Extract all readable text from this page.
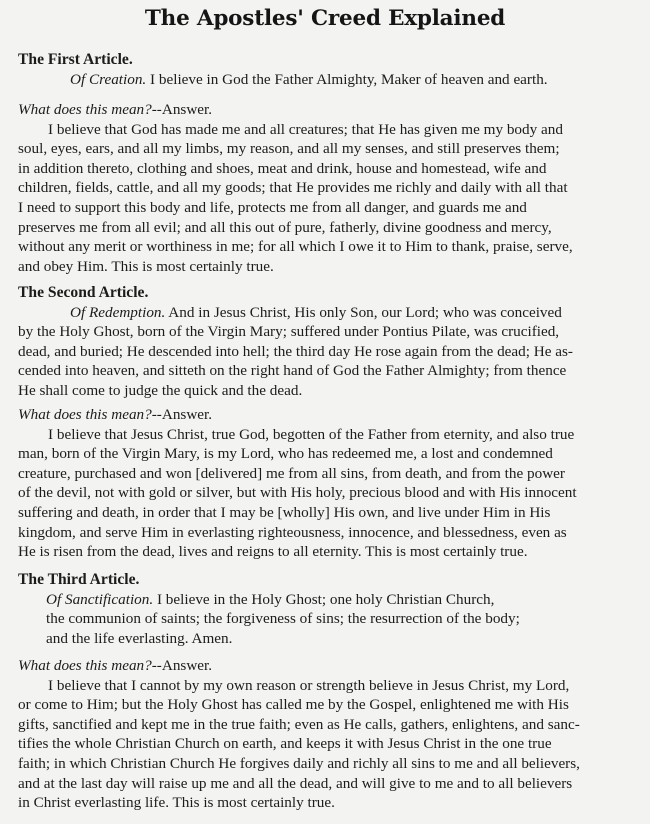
The Apostles' Creed Explained
The First Article.
Of Creation. I believe in God the Father Almighty, Maker of heaven and earth.
What does this mean?--Answer.
I believe that God has made me and all creatures; that He has given me my body and
soul, eyes, ears, and all my limbs, my reason, and all my senses, and still preserves them;
in addition thereto, clothing and shoes, meat and drink, house and homestead, wife and
children, fields, cattle, and all my goods; that He provides me richly and daily with all that
I need to support this body and life, protects me from all danger, and guards me and
preserves me from all evil; and all this out of pure, fatherly, divine goodness and mercy,
without any merit or worthiness in me; for all which I owe it to Him to thank, praise, serve,
and obey Him. This is most certainly true.
The Second Article.
Of Redemption. And in Jesus Christ, His only Son, our Lord; who was conceived
by the Holy Ghost, born of the Virgin Mary; suffered under Pontius Pilate, was crucified,
dead, and buried; He descended into hell; the third day He rose again from the dead; He as-
cended into heaven, and sitteth on the right hand of God the Father Almighty; from thence
He shall come to judge the quick and the dead.
What does this mean?--Answer.
I believe that Jesus Christ, true God, begotten of the Father from eternity, and also true
man, born of the Virgin Mary, is my Lord, who has redeemed me, a lost and condemned
creature, purchased and won [delivered] me from all sins, from death, and from the power
of the devil, not with gold or silver, but with His holy, precious blood and with His innocent
suffering and death, in order that I may be [wholly] His own, and live under Him in His
kingdom, and serve Him in everlasting righteousness, innocence, and blessedness, even as
He is risen from the dead, lives and reigns to all eternity. This is most certainly true.
The Third Article.
Of Sanctification. I believe in the Holy Ghost; one holy Christian Church,
the communion of saints; the forgiveness of sins; the resurrection of the body;
and the life everlasting. Amen.
What does this mean?--Answer.
I believe that I cannot by my own reason or strength believe in Jesus Christ, my Lord,
or come to Him; but the Holy Ghost has called me by the Gospel, enlightened me with His
gifts, sanctified and kept me in the true faith; even as He calls, gathers, enlightens, and sanc-
tifies the whole Christian Church on earth, and keeps it with Jesus Christ in the one true
faith; in which Christian Church He forgives daily and richly all sins to me and all believers,
and at the last day will raise up me and all the dead, and will give to me and to all believers
in Christ everlasting life. This is most certainly true.
